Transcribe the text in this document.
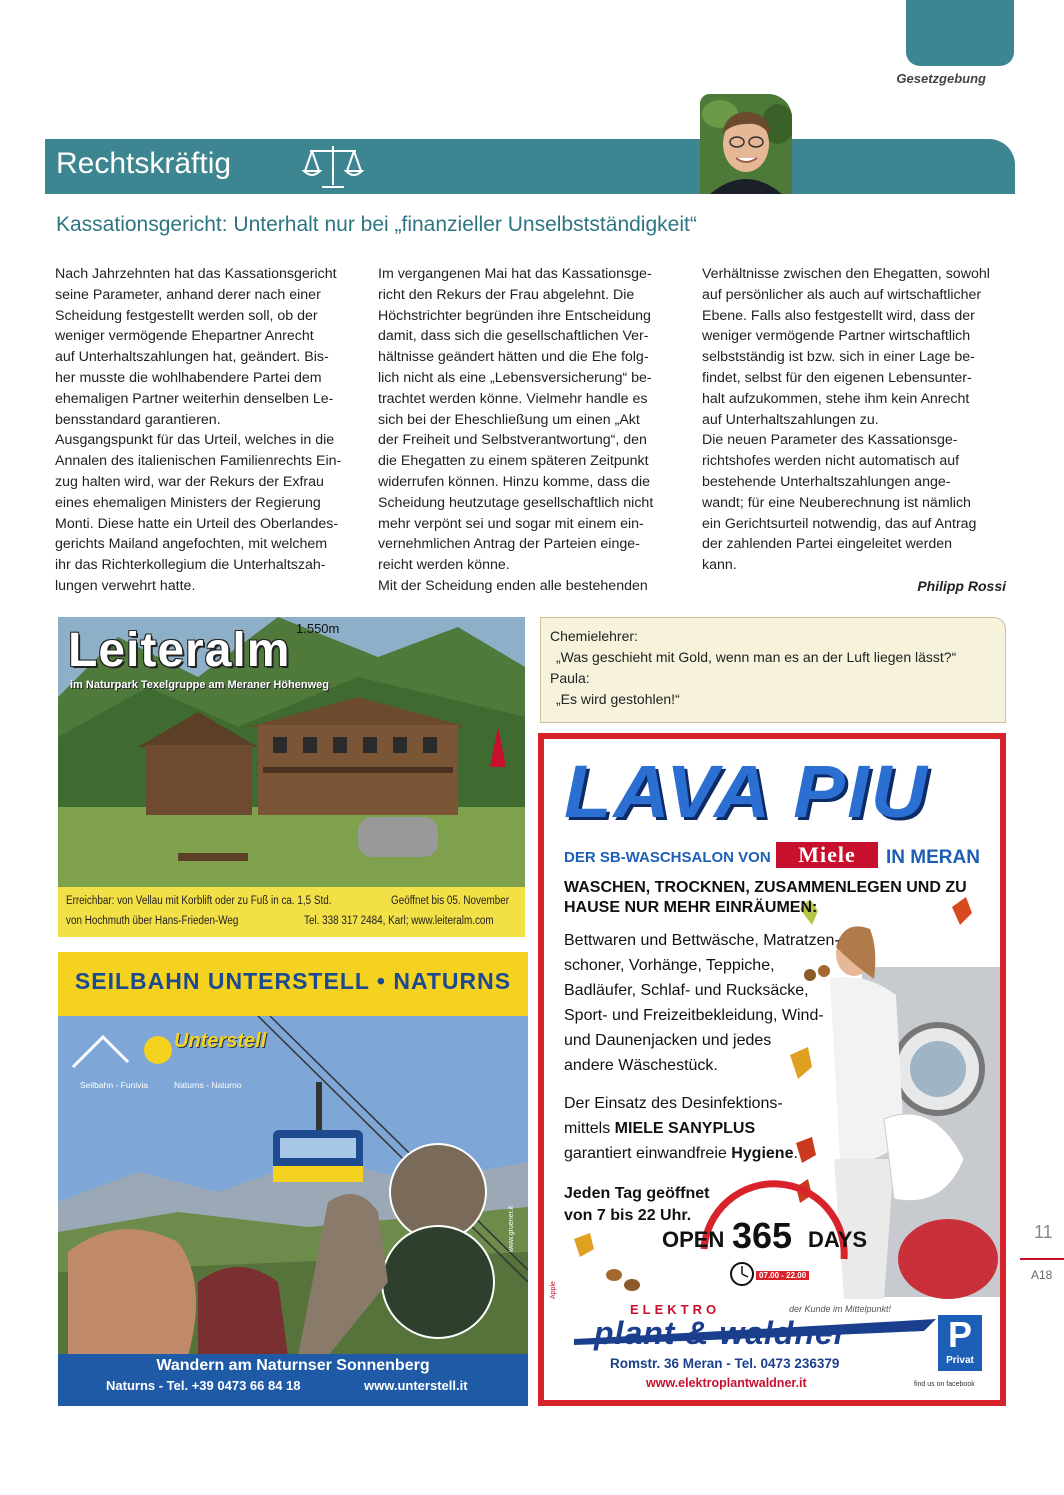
Gesetzgebung
Rechtskräftig
Kassationsgericht: Unterhalt nur bei „finanzieller Unselbstständigkeit“
Nach Jahrzehnten hat das Kassationsgericht
seine Parameter, anhand derer nach einer
Scheidung festgestellt werden soll, ob der
weniger vermögende Ehepartner Anrecht
auf Unterhaltszahlungen hat, geändert. Bis-
her musste die wohlhabendere Partei dem
ehemaligen Partner weiterhin denselben Le-
bensstandard garantieren.
Ausgangspunkt für das Urteil, welches in die
Annalen des italienischen Familienrechts Ein-
zug halten wird, war der Rekurs der Exfrau
eines ehemaligen Ministers der Regierung
Monti. Diese hatte ein Urteil des Oberlandes-
gerichts Mailand angefochten, mit welchem
ihr das Richterkollegium die Unterhaltszah-
lungen verwehrt hatte.
Im vergangenen Mai hat das Kassationsge-
richt den Rekurs der Frau abgelehnt. Die
Höchstrichter begründen ihre Entscheidung
damit, dass sich die gesellschaftlichen Ver-
hältnisse geändert hätten und die Ehe folg-
lich nicht als eine „Lebensversicherung“ be-
trachtet werden könne. Vielmehr handle es
sich bei der Eheschließung um einen „Akt
der Freiheit und Selbstverantwortung“, den
die Ehegatten zu einem späteren Zeitpunkt
widerrufen können. Hinzu komme, dass die
Scheidung heutzutage gesellschaftlich nicht
mehr verpönt sei und sogar mit einem ein-
vernehmlichen Antrag der Parteien einge-
reicht werden könne.
Mit der Scheidung enden alle bestehenden
Verhältnisse zwischen den Ehegatten, sowohl
auf persönlicher als auch auf wirtschaftlicher
Ebene. Falls also festgestellt wird, dass der
weniger vermögende Partner wirtschaftlich
selbstständig ist bzw. sich in einer Lage be-
findet, selbst für den eigenen Lebensunter-
halt aufzukommen, stehe ihm kein Anrecht
auf Unterhaltszahlungen zu.
Die neuen Parameter des Kassationsge-
richtshofes werden nicht automatisch auf
bestehende Unterhaltszahlungen ange-
wandt; für eine Neuberechnung ist nämlich
ein Gerichtsurteil notwendig, das auf Antrag
der zahlenden Partei eingeleitet werden
kann.
Philipp Rossi
Leiteralm 1.550m
im Naturpark Texelgruppe am Meraner Höhenweg
Erreichbar: von Vellau mit Korblift oder zu Fuß in ca. 1,5 Std.	Geöffnet bis 05. November
von Hochmuth über Hans-Frieden-Weg	Tel. 338 317 2484, Karl; www.leiteralm.com
SEILBAHN UNTERSTELL • NATURNS
Unterstell
Seilbahn - Funivia	Naturns - Naturno
www.gruener.it
Wandern am Naturnser Sonnenberg
Naturns - Tel. +39 0473 66 84 18	www.unterstell.it
Chemielehrer:
„Was geschieht mit Gold, wenn man es an der Luft liegen lässt?“
Paula:
„Es wird gestohlen!“
LAVA PIU
DER SB-WASCHSALON VON	Miele	IN MERAN
WASCHEN, TROCKNEN, ZUSAMMENLEGEN UND ZU
HAUSE NUR MEHR EINRÄUMEN:
Bettwaren und Bettwäsche, Matratzen-
schoner, Vorhänge, Teppiche,
Badläufer, Schlaf- und Rucksäcke,
Sport- und Freizeitbekleidung, Wind-
und Daunenjacken und jedes
andere Wäschestück.
Der Einsatz des Desinfektions-
mittels MIELE SANYPLUS
garantiert einwandfreie Hygiene.
Jeden Tag geöffnet
von 7 bis 22 Uhr.
OPEN 365 DAYS
07.00 - 22.00
ELEKTRO	der Kunde im Mittelpunkt!
plant & waldner
Romstr. 36 Meran - Tel. 0473 236379
www.elektroplantwaldner.it
P
Privat
find us on facebook
Apple
11
A18
